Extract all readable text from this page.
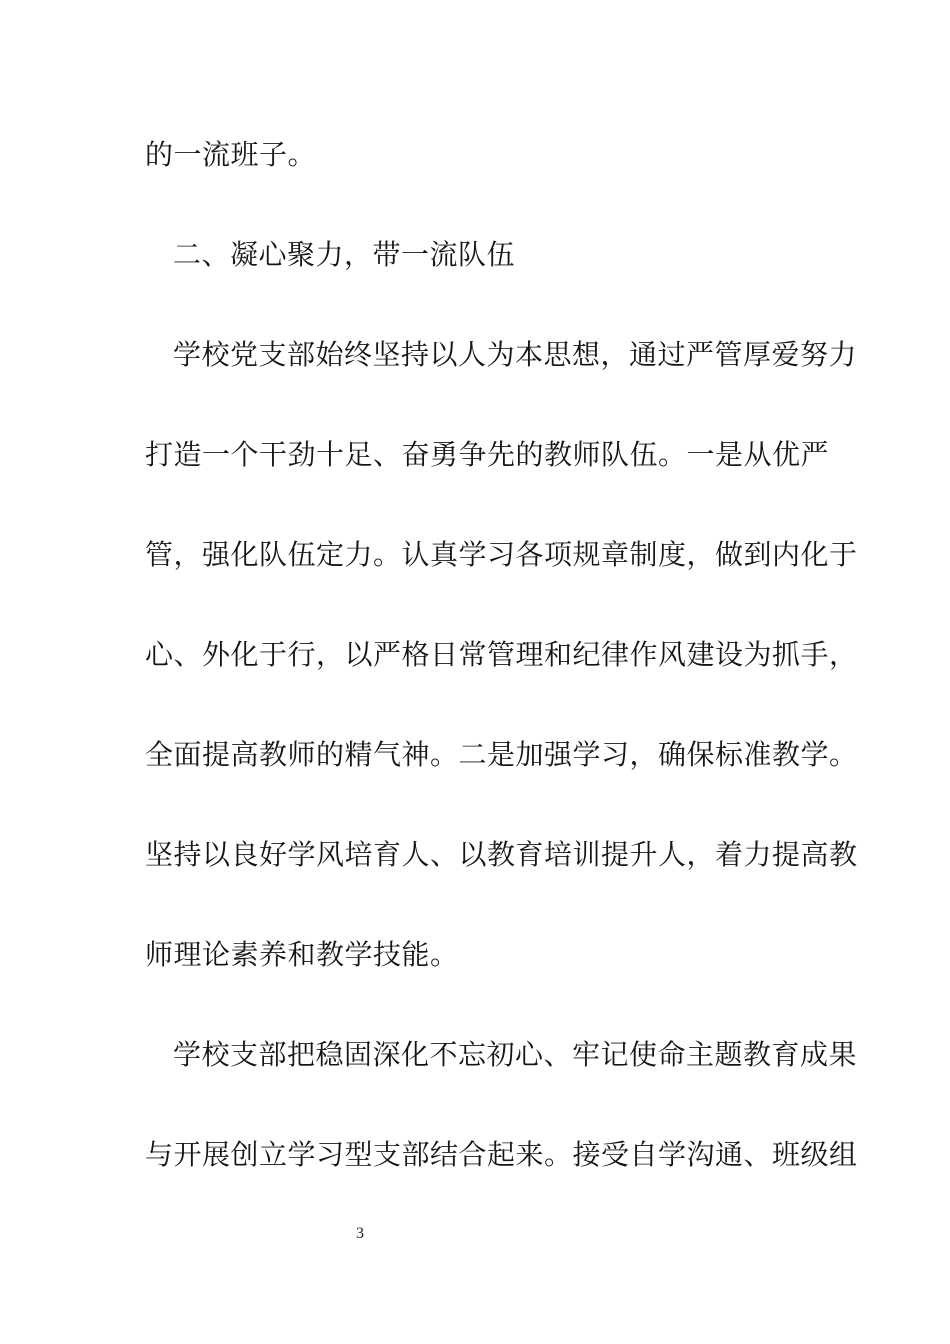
的一流班子。
二、凝心聚力，带一流队伍
学校党支部始终坚持以人为本思想，通过严管厚爱努力
打造一个干劲十足、奋勇争先的教师队伍。一是从优严
管，强化队伍定力。认真学习各项规章制度，做到内化于
心、外化于行，以严格日常管理和纪律作风建设为抓手，
全面提高教师的精气神。二是加强学习，确保标准教学。
坚持以良好学风培育人、以教育培训提升人，着力提高教
师理论素养和教学技能。
学校支部把稳固深化不忘初心、牢记使命主题教育成果
与开展创立学习型支部结合起来。接受自学沟通、班级组
3
